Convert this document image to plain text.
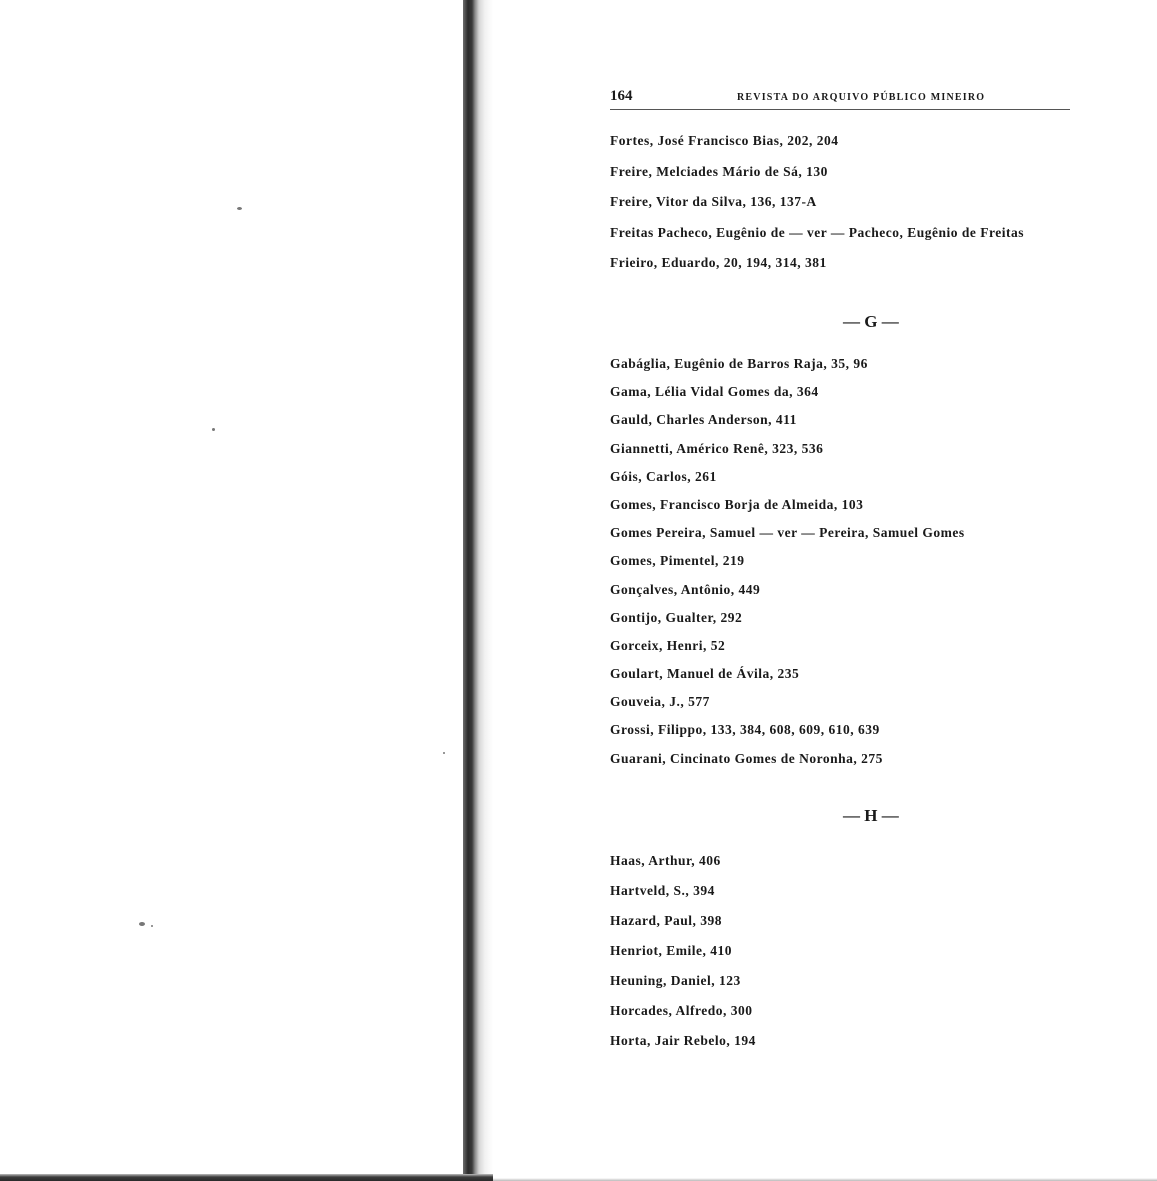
164	REVISTA DO ARQUIVO PÚBLICO MINEIRO
Fortes, José Francisco Bias, 202, 204
Freire, Melciades Mário de Sá, 130
Freire, Vitor da Silva, 136, 137-A
Freitas Pacheco, Eugênio de — ver — Pacheco, Eugênio de Freitas
Frieiro, Eduardo, 20, 194, 314, 381
— G —
Gabáglia, Eugênio de Barros Raja, 35, 96
Gama, Lélia Vidal Gomes da, 364
Gauld, Charles Anderson, 411
Giannetti, Américo Renê, 323, 536
Góis, Carlos, 261
Gomes, Francisco Borja de Almeida, 103
Gomes Pereira, Samuel — ver — Pereira, Samuel Gomes
Gomes, Pimentel, 219
Gonçalves, Antônio, 449
Gontijo, Gualter, 292
Gorceix, Henri, 52
Goulart, Manuel de Ávila, 235
Gouveia, J., 577
Grossi, Filippo, 133, 384, 608, 609, 610, 639
Guarani, Cincinato Gomes de Noronha, 275
— H —
Haas, Arthur, 406
Hartveld, S., 394
Hazard, Paul, 398
Henriot, Emile, 410
Heuning, Daniel, 123
Horcades, Alfredo, 300
Horta, Jair Rebelo, 194
